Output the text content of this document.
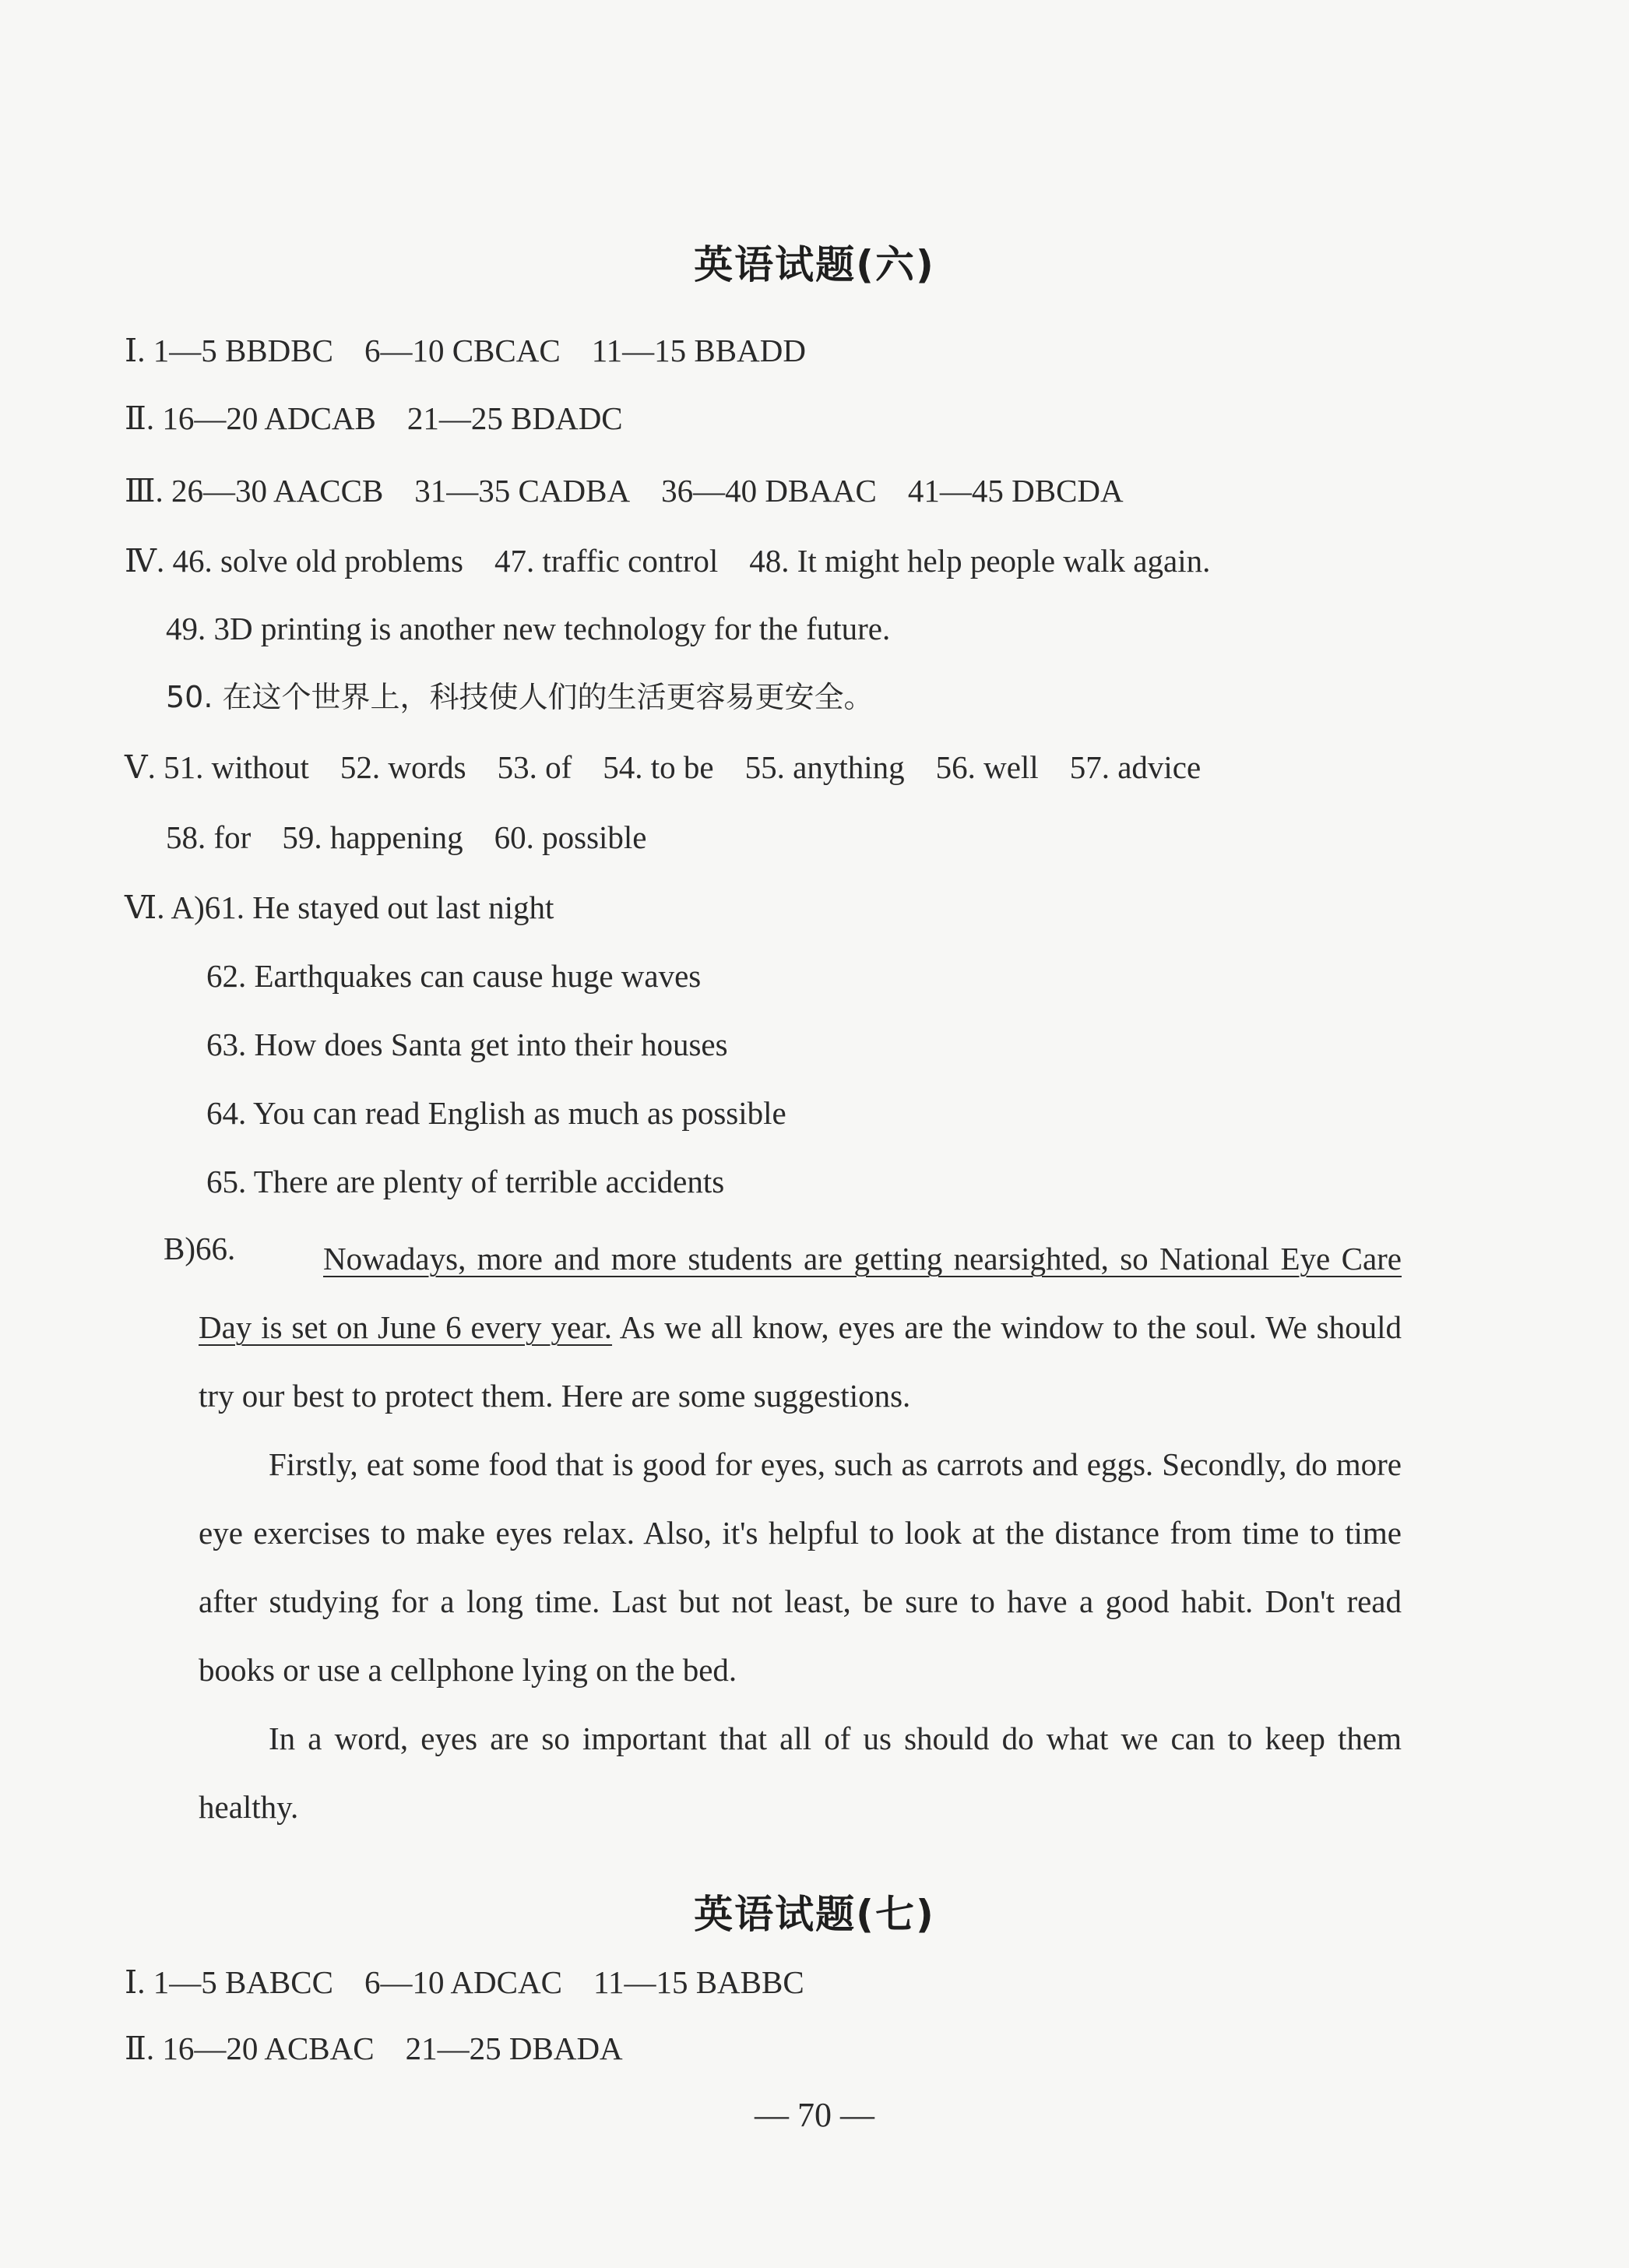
英语试题(六)
Ⅰ. 1—5 BBDBC 6—10 CBCAC 11—15 BBADD
Ⅱ. 16—20 ADCAB 21—25 BDADC
Ⅲ. 26—30 AACCB 31—35 CADBA 36—40 DBAAC 41—45 DBCDA
Ⅳ. 46. solve old problems 47. traffic control 48. It might help people walk again.
49. 3D printing is another new technology for the future.
50. 在这个世界上，科技使人们的生活更容易更安全。
Ⅴ. 51. without 52. words 53. of 54. to be 55. anything 56. well 57. advice
58. for 59. happening 60. possible
Ⅵ. A)61. He stayed out last night
62. Earthquakes can cause huge waves
63. How does Santa get into their houses
64. You can read English as much as possible
65. There are plenty of terrible accidents
B)66.	Nowadays, more and more students are getting nearsighted, so National Eye Care Day is set on June 6 every year. As we all know, eyes are the window to the soul. We should try our best to protect them. Here are some suggestions.

Firstly, eat some food that is good for eyes, such as carrots and eggs. Secondly, do more eye exercises to make eyes relax. Also, it's helpful to look at the distance from time to time after studying for a long time. Last but not least, be sure to have a good habit. Don't read books or use a cellphone lying on the bed.

In a word, eyes are so important that all of us should do what we can to keep them healthy.

英语试题(七)
Ⅰ. 1—5 BABCC 6—10 ADCAC 11—15 BABBC
Ⅱ. 16—20 ACBAC 21—25 DBADA
— 70 —
